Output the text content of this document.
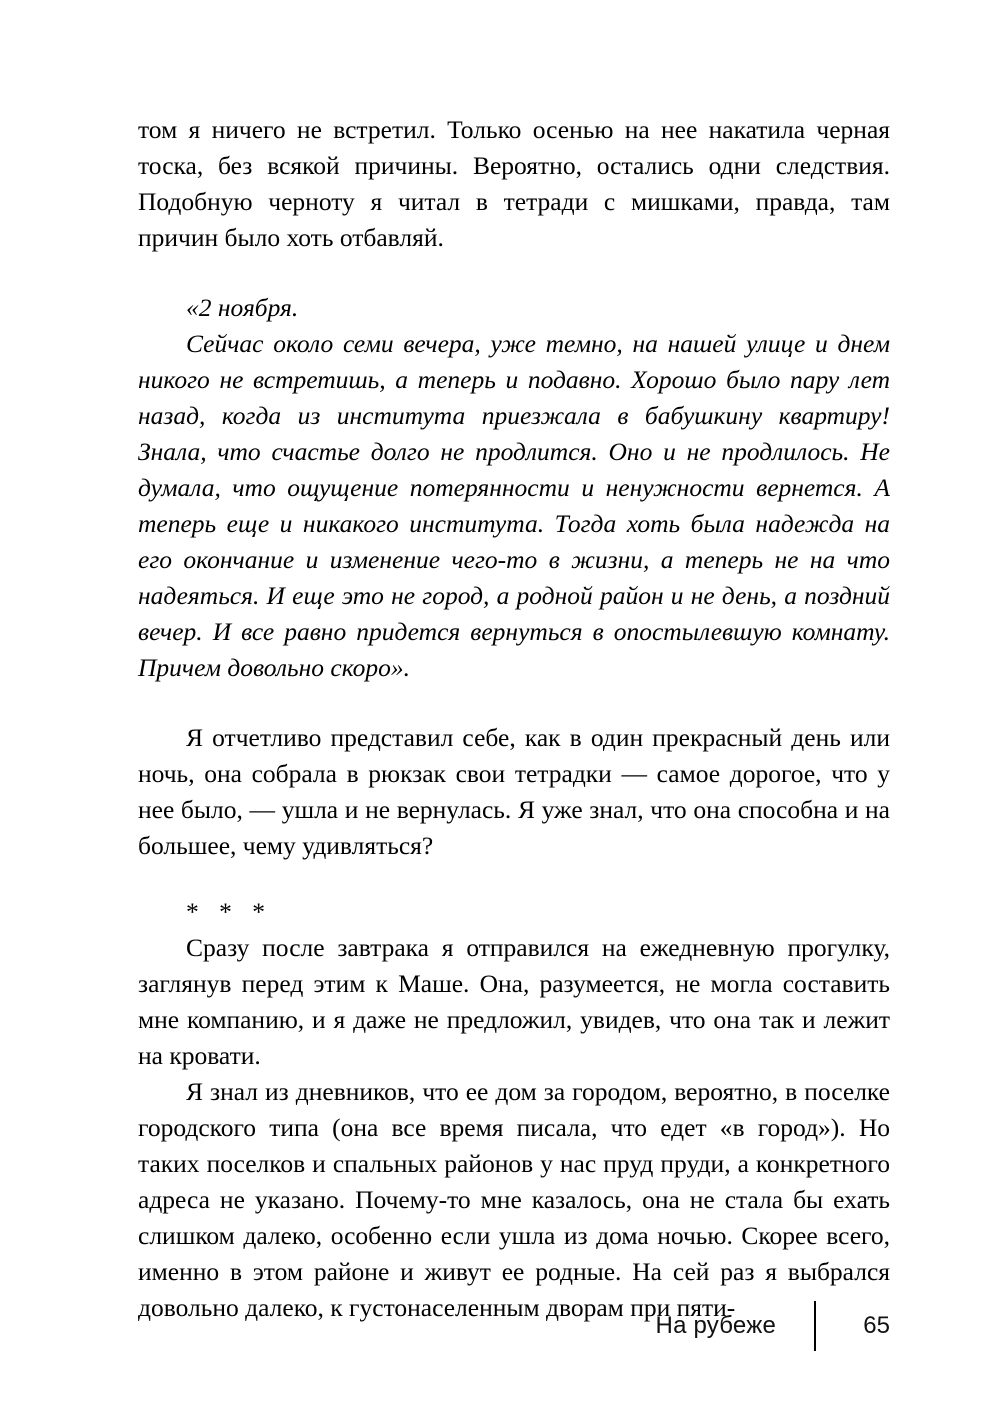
том я ничего не встретил. Только осенью на нее накатила черная тоска, без всякой причины. Вероятно, остались одни следствия. Подобную черноту я читал в тетради с мишками, правда, там причин было хоть отбавляй.

«2 ноября.

Сейчас около семи вечера, уже темно, на нашей улице и днем никого не встретишь, а теперь и подавно. Хорошо было пару лет назад, когда из института приезжала в бабушкину квартиру! Знала, что счастье долго не продлится. Оно и не продлилось. Не думала, что ощущение потерянности и ненужности вернется. А теперь еще и никакого института. Тогда хоть была надежда на его окончание и изменение чего-то в жизни, а теперь не на что надеяться. И еще это не город, а родной район и не день, а поздний вечер. И все равно придется вернуться в опостылевшую комнату. Причем довольно скоро».

Я отчетливо представил себе, как в один прекрасный день или ночь, она собрала в рюкзак свои тетрадки — самое дорогое, что у нее было, — ушла и не вернулась. Я уже знал, что она способна и на большее, чему удивляться?

* * *

Сразу после завтрака я отправился на ежедневную прогулку, заглянув перед этим к Маше. Она, разумеется, не могла составить мне компанию, и я даже не предложил, увидев, что она так и лежит на кровати.

Я знал из дневников, что ее дом за городом, вероятно, в поселке городского типа (она все время писала, что едет «в город»). Но таких поселков и спальных районов у нас пруд пруди, а конкретного адреса не указано. Почему-то мне казалось, она не стала бы ехать слишком далеко, особенно если ушла из дома ночью. Скорее всего, именно в этом районе и живут ее родные. На сей раз я выбрался довольно далеко, к густонаселенным дворам при пяти-

На рубеже	65
